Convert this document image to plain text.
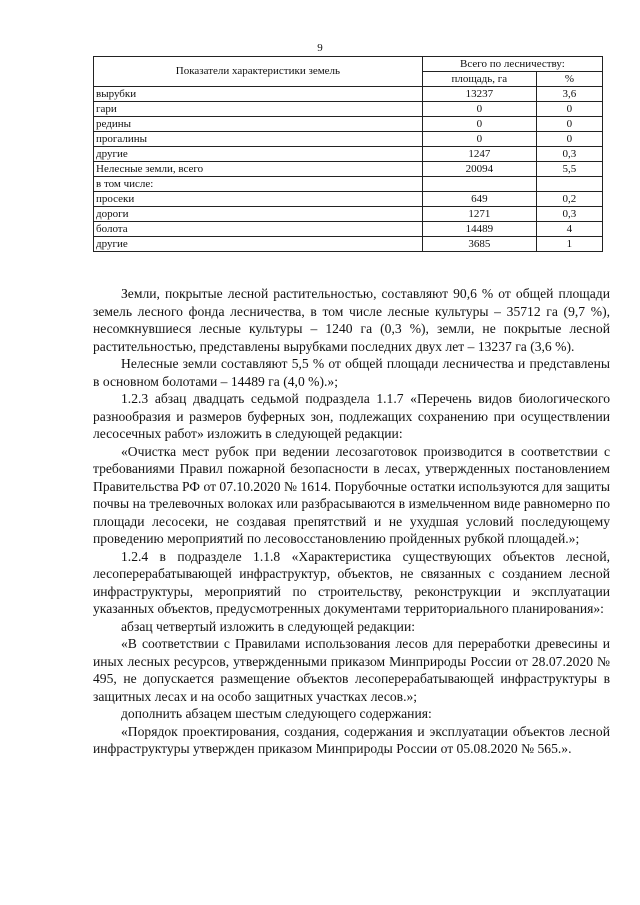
9
Показатели характеристики земель	Всего по лесничеству:	
	площадь, га	%
вырубки	13237	3,6
гари	0	0
редины	0	0
прогалины	0	0
другие	1247	0,3
Нелесные земли, всего	20094	5,5
в том числе:		
просеки	649	0,2
дороги	1271	0,3
болота	14489	4
другие	3685	1

Земли, покрытые лесной растительностью, составляют 90,6 % от общей площади земель лесного фонда лесничества, в том числе лесные культуры – 35712 га (9,7 %), несомкнувшиеся лесные культуры – 1240 га (0,3 %), земли, не покрытые лесной растительностью, представлены вырубками последних двух лет – 13237 га (3,6 %).

Нелесные земли составляют 5,5 % от общей площади лесничества и представлены в основном болотами – 14489 га (4,0 %).»;

1.2.3 абзац двадцать седьмой подраздела 1.1.7 «Перечень видов биологического разнообразия и размеров буферных зон, подлежащих сохранению при осуществлении лесосечных работ» изложить в следующей редакции:

«Очистка мест рубок при ведении лесозаготовок производится в соответствии с требованиями Правил пожарной безопасности в лесах, утвержденных постановлением Правительства РФ от 07.10.2020 № 1614. Порубочные остатки используются для защиты почвы на трелевочных волоках или разбрасываются в измельченном виде равномерно по площади лесосеки, не создавая препятствий и не ухудшая условий последующему проведению мероприятий по лесовосстановлению пройденных рубкой площадей.»;

1.2.4 в подразделе 1.1.8 «Характеристика существующих объектов лесной, лесоперерабатывающей инфраструктур, объектов, не связанных с созданием лесной инфраструктуры, мероприятий по строительству, реконструкции и эксплуатации указанных объектов, предусмотренных документами территориального планирования»:

абзац четвертый изложить в следующей редакции:

«В соответствии с Правилами использования лесов для переработки древесины и иных лесных ресурсов, утвержденными приказом Минприроды России от 28.07.2020 № 495, не допускается размещение объектов лесоперерабатывающей инфраструктуры в защитных лесах и на особо защитных участках лесов.»;

дополнить абзацем шестым следующего содержания:

«Порядок проектирования, создания, содержания и эксплуатации объектов лесной инфраструктуры утвержден приказом Минприроды России от 05.08.2020 № 565.».
